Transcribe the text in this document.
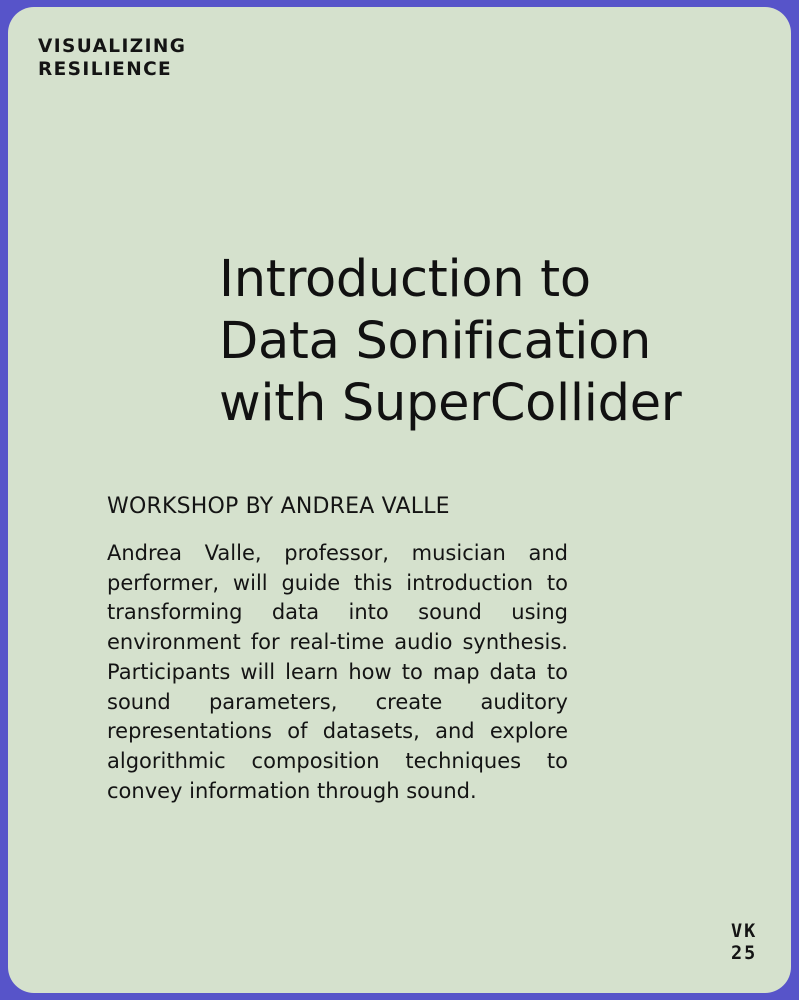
VISUALIZING
RESILIENCE
Introduction to
Data Sonification
with SuperCollider
WORKSHOP BY ANDREA VALLE

Andrea Valle, professor, musician and performer, will guide this introduction to transforming data into sound using environment for real-time audio synthesis. Participants will learn how to map data to sound parameters, create auditory representations of datasets, and explore algorithmic composition techniques to convey information through sound.

VK
25
